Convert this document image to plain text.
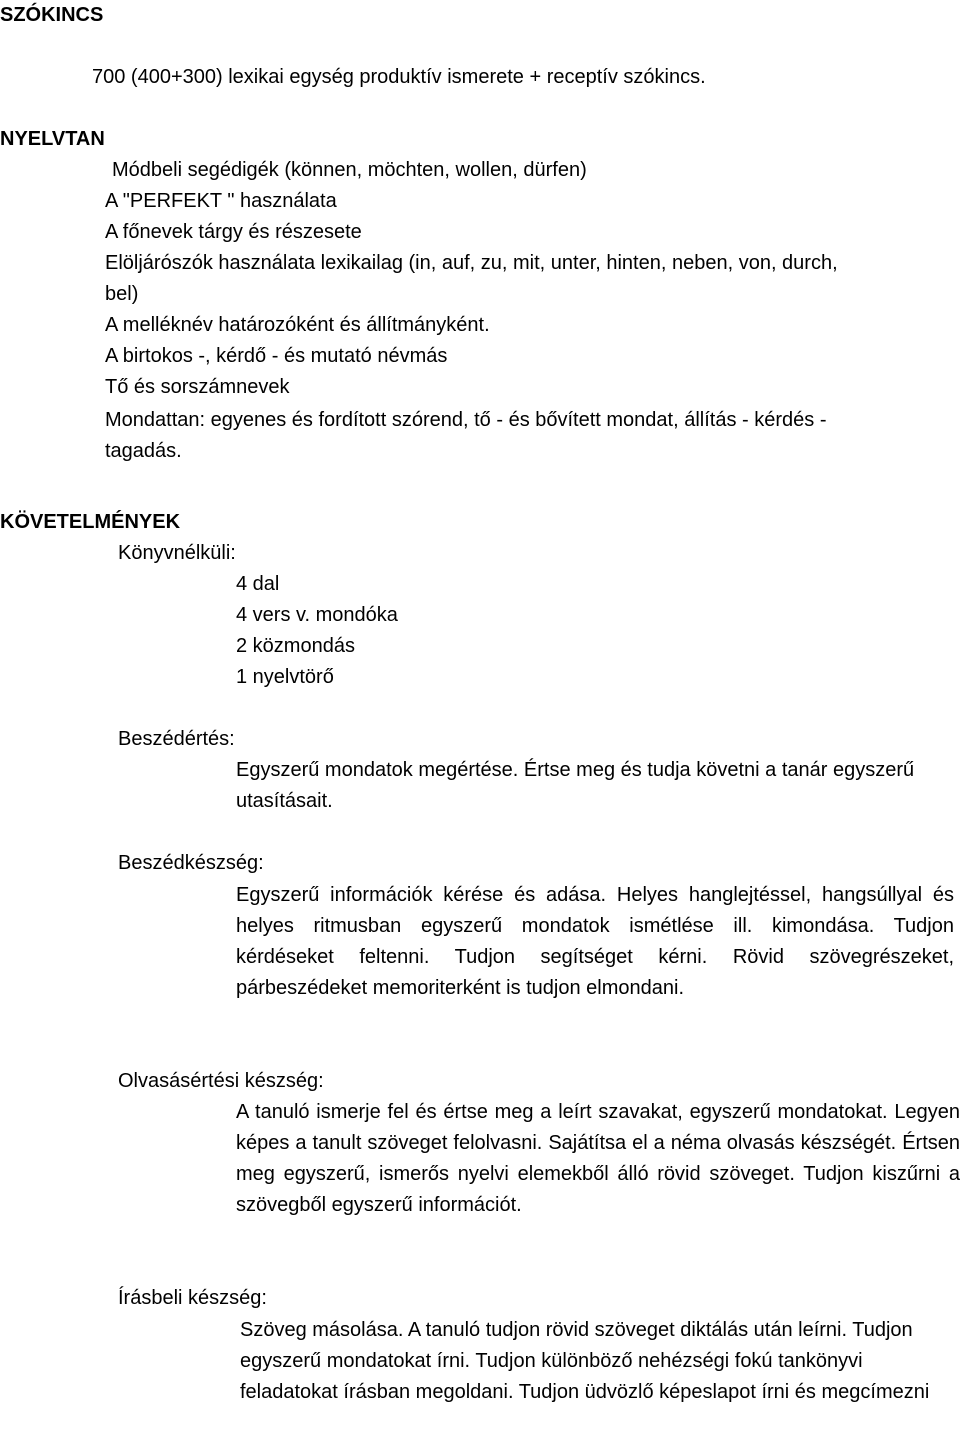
SZÓKINCS
700 (400+300) lexikai egység produktív ismerete + receptív szókincs.
NYELVTAN
Módbeli segédigék (können, möchten, wollen, dürfen)
A "PERFEKT " használata
A főnevek tárgy és részesete
Elöljárószók használata lexikailag (in, auf, zu, mit, unter, hinten, neben, von, durch,
bel)
A melléknév határozóként és állítmányként.
A birtokos -, kérdő - és mutató névmás
Tő és sorszámnevek
Mondattan: egyenes és fordított szórend, tő - és bővített mondat, állítás - kérdés -
tagadás.
KÖVETELMÉNYEK
Könyvnélküli:
4 dal
4 vers v. mondóka
2 közmondás
1 nyelvtörő
Beszédértés:
Egyszerű mondatok megértése. Értse meg és tudja követni a tanár egyszerű utasításait.
Beszédkészség:
Egyszerű információk kérése és adása. Helyes hanglejtéssel, hangsúllyal és helyes ritmusban egyszerű mondatok ismétlése ill. kimondása. Tudjon kérdéseket feltenni. Tudjon segítséget kérni. Rövid szövegrészeket, párbeszédeket memoriterként is tudjon elmondani.
Olvasásértési készség:
A tanuló ismerje fel és értse meg a leírt szavakat, egyszerű mondatokat. Legyen képes a tanult szöveget felolvasni. Sajátítsa el a néma olvasás készségét. Értsen meg egyszerű, ismerős nyelvi elemekből álló rövid szöveget. Tudjon kiszűrni a szövegből egyszerű információt.
Írásbeli készség:
Szöveg másolása. A tanuló tudjon rövid szöveget diktálás után leírni. Tudjon egyszerű mondatokat írni. Tudjon különböző nehézségi fokú tankönyvi feladatokat írásban megoldani. Tudjon üdvözlő képeslapot írni és megcímezni
